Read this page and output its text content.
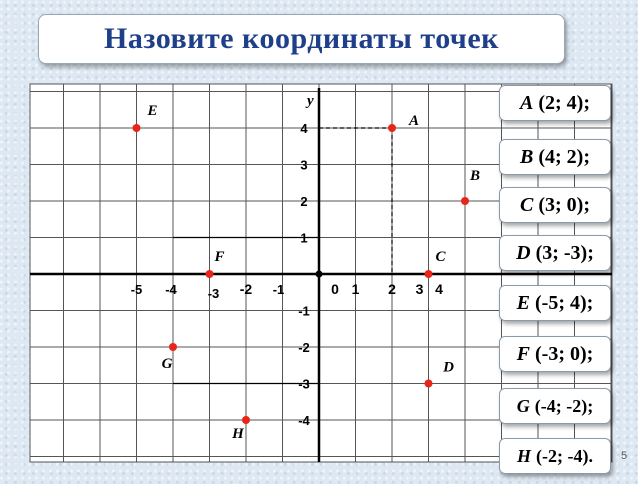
Назовите координаты точек
y
-5 -4 -3 -2 -1	0 1 2 3 4
4
3
2
1
-1
-2
-3
-4
A
B
C
D
E
F
G
H
A (2; 4);
B (4; 2);
C (3; 0);
D (3; -3);
E (-5; 4);
F (-3; 0);
G (-4; -2);
H (-2; -4).	5
